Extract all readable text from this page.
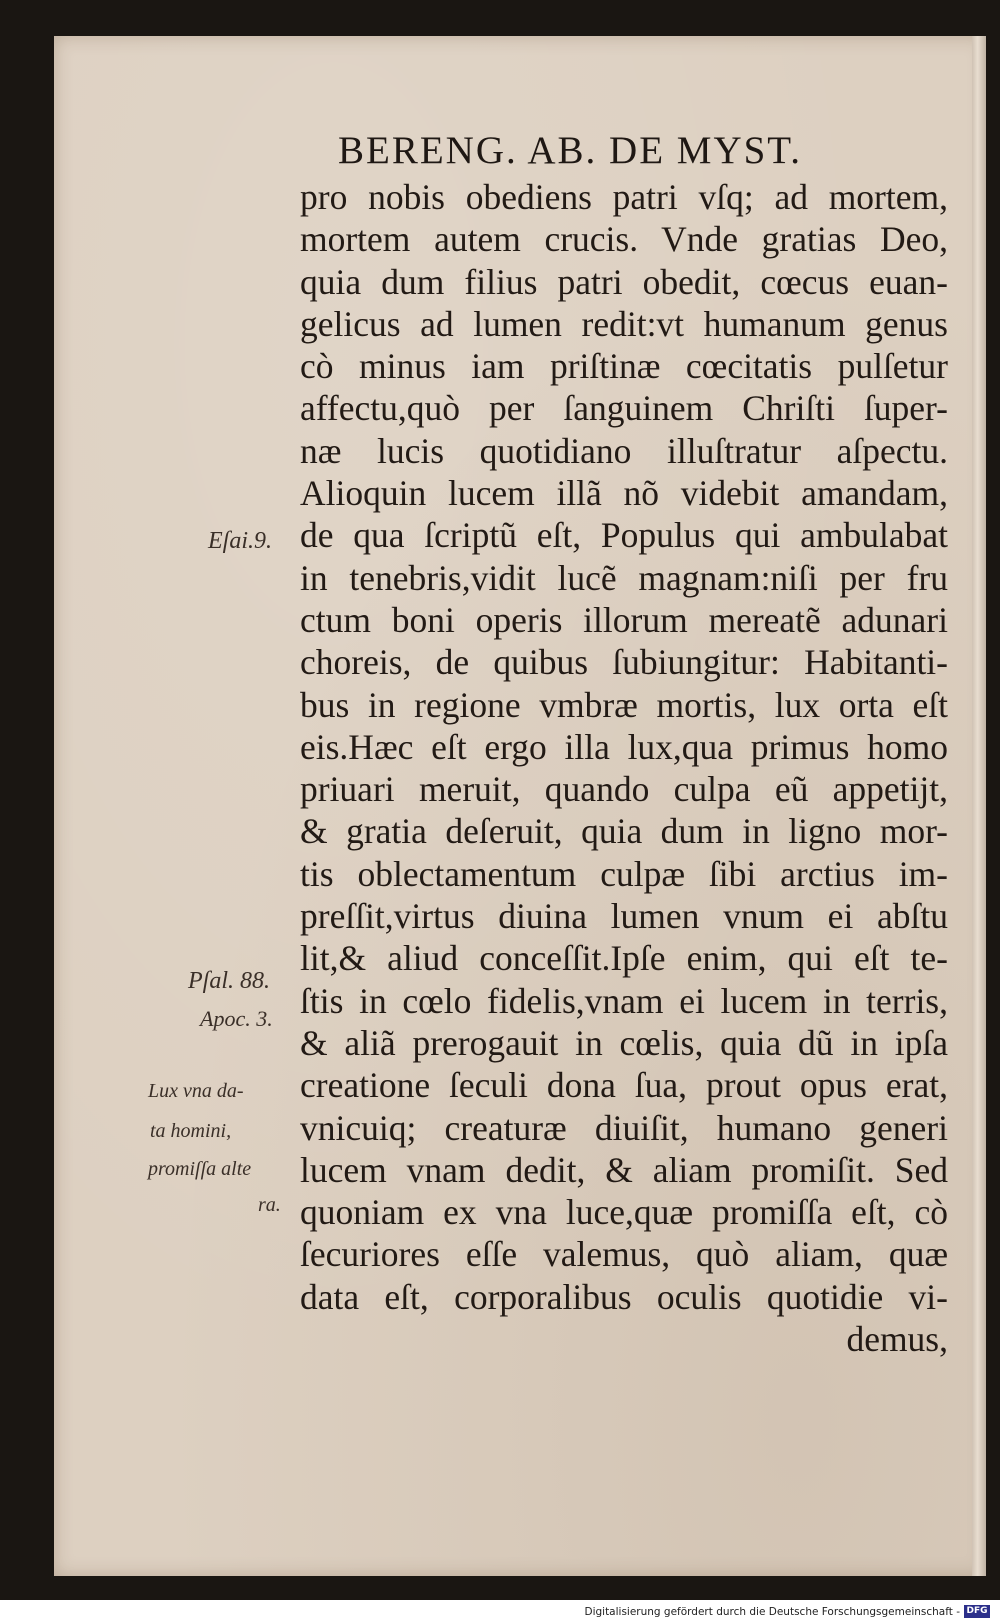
BERENG. AB. DE MYST.
pro nobis obediens patri vſq; ad mortem,
mortem autem crucis. Vnde gratias Deo,
quia dum filius patri obedit, cœcus euan-
gelicus ad lumen redit:vt humanum genus
cò minus iam priſtinæ cœcitatis pulſetur
affectu,quò per ſanguinem Chriſti ſuper-
næ lucis quotidiano illuſtratur aſpectu.
Alioquin lucem illã nõ videbit amandam,
de qua ſcriptũ eſt, Populus qui ambulabat
in tenebris,vidit lucẽ magnam:niſi per fru
ctum boni operis illorum mereatẽ adunari
choreis, de quibus ſubiungitur: Habitanti-
bus in regione vmbræ mortis, lux orta eſt
eis.Hæc eſt ergo illa lux,qua primus homo
priuari meruit, quando culpa eũ appetijt,
& gratia deſeruit, quia dum in ligno mor-
tis oblectamentum culpæ ſibi arctius im-
preſſit,virtus diuina lumen vnum ei abſtu
lit,& aliud conceſſit.Ipſe enim, qui eſt te-
ſtis in cœlo fidelis,vnam ei lucem in terris,
& aliã prerogauit in cœlis, quia dũ in ipſa
creatione ſeculi dona ſua, prout opus erat,
vnicuiq; creaturæ diuiſit, humano generi
lucem vnam dedit, & aliam promiſit. Sed
quoniam ex vna luce,quæ promiſſa eſt, cò
ſecuriores eſſe valemus, quò aliam, quæ
data eſt, corporalibus oculis quotidie vi-
demus,
Eſai.9.
Pſal. 88.
Apoc. 3.
Lux vna da-
ta homini,
promiſſa alte
ra.
Digitalisierung gefördert durch die Deutsche Forschungsgemeinschaft - DFG
